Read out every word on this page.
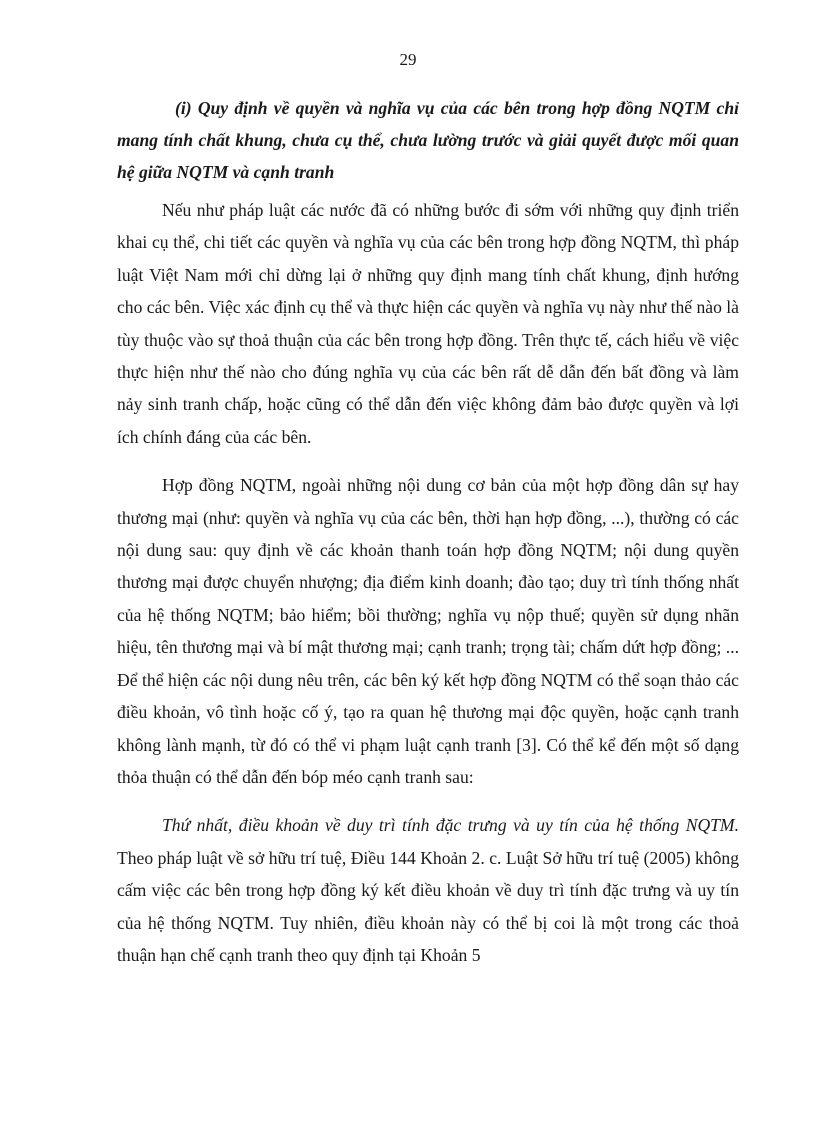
29

(i) Quy định về quyền và nghĩa vụ của các bên trong hợp đồng NQTM chỉ mang tính chất khung, chưa cụ thể, chưa lường trước và giải quyết được mối quan hệ giữa NQTM và cạnh tranh

Nếu như pháp luật các nước đã có những bước đi sớm với những quy định triển khai cụ thể, chi tiết các quyền và nghĩa vụ của các bên trong hợp đồng NQTM, thì pháp luật Việt Nam mới chỉ dừng lại ở những quy định mang tính chất khung, định hướng cho các bên. Việc xác định cụ thể và thực hiện các quyền và nghĩa vụ này như thế nào là tùy thuộc vào sự thoả thuận của các bên trong hợp đồng. Trên thực tế, cách hiểu về việc thực hiện như thế nào cho đúng nghĩa vụ của các bên rất dễ dẫn đến bất đồng và làm nảy sinh tranh chấp, hoặc cũng có thể dẫn đến việc không đảm bảo được quyền và lợi ích chính đáng của các bên.

Hợp đồng NQTM, ngoài những nội dung cơ bản của một hợp đồng dân sự hay thương mại (như: quyền và nghĩa vụ của các bên, thời hạn hợp đồng, ...), thường có các nội dung sau: quy định về các khoản thanh toán hợp đồng NQTM; nội dung quyền thương mại được chuyển nhượng; địa điểm kinh doanh; đào tạo; duy trì tính thống nhất của hệ thống NQTM; bảo hiểm; bồi thường; nghĩa vụ nộp thuế; quyền sử dụng nhãn hiệu, tên thương mại và bí mật thương mại; cạnh tranh; trọng tài; chấm dứt hợp đồng; ... Để thể hiện các nội dung nêu trên, các bên ký kết hợp đồng NQTM có thể soạn thảo các điều khoản, vô tình hoặc cố ý, tạo ra quan hệ thương mại độc quyền, hoặc cạnh tranh không lành mạnh, từ đó có thể vi phạm luật cạnh tranh [3]. Có thể kể đến một số dạng thỏa thuận có thể dẫn đến bóp méo cạnh tranh sau:

Thứ nhất, điều khoản về duy trì tính đặc trưng và uy tín của hệ thống NQTM. Theo pháp luật về sở hữu trí tuệ, Điều 144 Khoản 2. c. Luật Sở hữu trí tuệ (2005) không cấm việc các bên trong hợp đồng ký kết điều khoản về duy trì tính đặc trưng và uy tín của hệ thống NQTM. Tuy nhiên, điều khoản này có thể bị coi là một trong các thoả thuận hạn chế cạnh tranh theo quy định tại Khoản 5
